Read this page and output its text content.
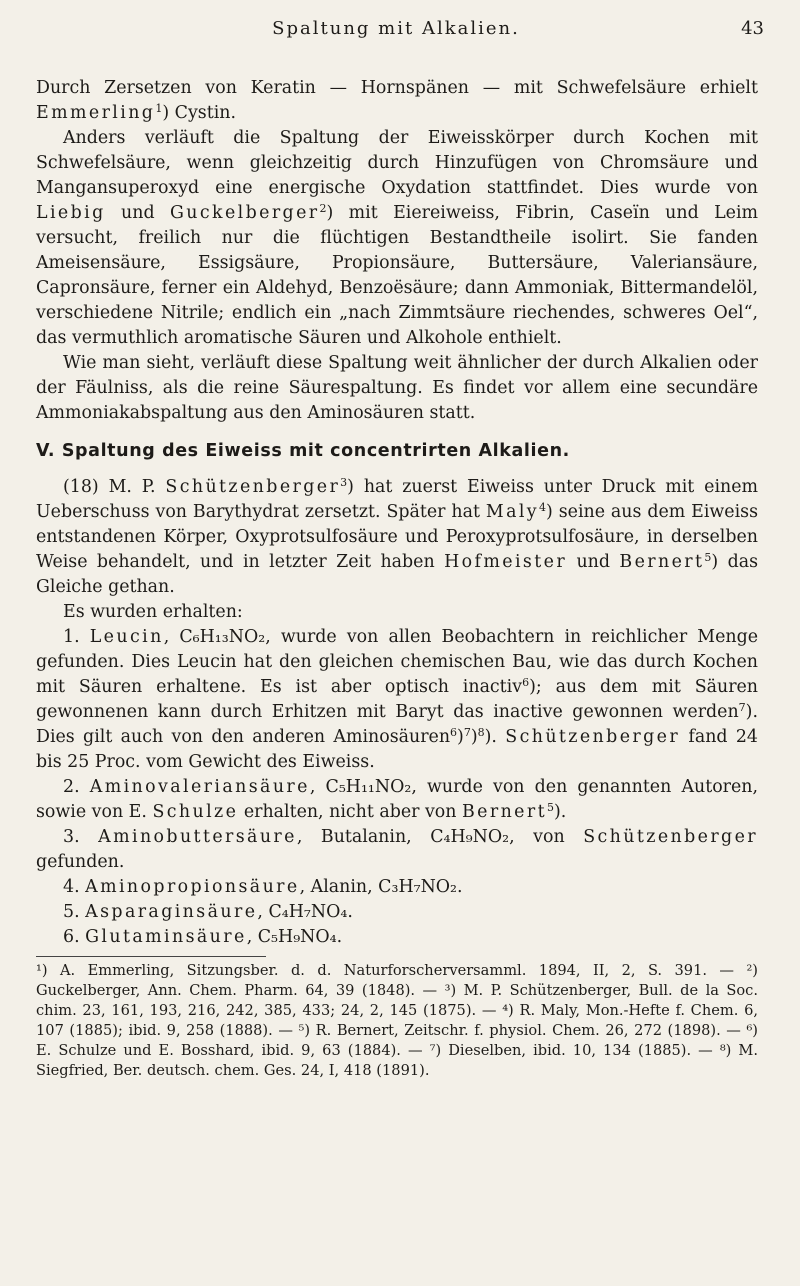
Spaltung mit Alkalien.	43

Durch Zersetzen von Keratin — Hornspänen — mit Schwefelsäure erhielt Emmerling$^1$) Cystin.

Anders verläuft die Spaltung der Eiweisskörper durch Kochen mit Schwefelsäure, wenn gleichzeitig durch Hinzufügen von Chromsäure und Mangansuperoxyd eine energische Oxydation stattfindet. Dies wurde von Liebig und Guckelberger$^2$) mit Eiereiweiss, Fibrin, Caseïn und Leim versucht, freilich nur die flüchtigen Bestandtheile isolirt. Sie fanden Ameisensäure, Essigsäure, Propionsäure, Buttersäure, Valeriansäure, Capronsäure, ferner ein Aldehyd, Benzoësäure; dann Ammoniak, Bittermandelöl, verschiedene Nitrile; endlich ein „nach Zimmtsäure riechendes, schweres Oel“, das vermuthlich aromatische Säuren und Alkohole enthielt.

Wie man sieht, verläuft diese Spaltung weit ähnlicher der durch Alkalien oder der Fäulniss, als die reine Säurespaltung. Es findet vor allem eine secundäre Ammoniakabspaltung aus den Aminosäuren statt.

V. Spaltung des Eiweiss mit concentrirten Alkalien.

(18) M. P. Schützenberger$^3$) hat zuerst Eiweiss unter Druck mit einem Ueberschuss von Barythydrat zersetzt. Später hat Maly$^4$) seine aus dem Eiweiss entstandenen Körper, Oxyprotsulfosäure und Peroxyprotsulfosäure, in derselben Weise behandelt, und in letzter Zeit haben Hofmeister und Bernert$^5$) das Gleiche gethan.

Es wurden erhalten:

1. Leucin, C₆H₁₃NO₂, wurde von allen Beobachtern in reichlicher Menge gefunden. Dies Leucin hat den gleichen chemischen Bau, wie das durch Kochen mit Säuren erhaltene. Es ist aber optisch inactiv$^6$); aus dem mit Säuren gewonnenen kann durch Erhitzen mit Baryt das inactive gewonnen werden$^7$). Dies gilt auch von den anderen Aminosäuren$^6$)$^7$)$^8$). Schützenberger fand 24 bis 25 Proc. vom Gewicht des Eiweiss.

2. Aminovaleriansäure, C₅H₁₁NO₂, wurde von den genannten Autoren, sowie von E. Schulze erhalten, nicht aber von Bernert$^5$).

3. Aminobuttersäure, Butalanin, C₄H₉NO₂, von Schützenberger gefunden.

4. Aminopropionsäure, Alanin, C₃H₇NO₂.

5. Asparaginsäure, C₄H₇NO₄.

6. Glutaminsäure, C₅H₉NO₄.

¹) A. Emmerling, Sitzungsber. d. d. Naturforscherversamml. 1894, II, 2, S. 391. — ²) Guckelberger, Ann. Chem. Pharm. 64, 39 (1848). — ³) M. P. Schützenberger, Bull. de la Soc. chim. 23, 161, 193, 216, 242, 385, 433; 24, 2, 145 (1875). — ⁴) R. Maly, Mon.-Hefte f. Chem. 6, 107 (1885); ibid. 9, 258 (1888). — ⁵) R. Bernert, Zeitschr. f. physiol. Chem. 26, 272 (1898). — ⁶) E. Schulze und E. Bosshard, ibid. 9, 63 (1884). — ⁷) Dieselben, ibid. 10, 134 (1885). — ⁸) M. Siegfried, Ber. deutsch. chem. Ges. 24, I, 418 (1891).
